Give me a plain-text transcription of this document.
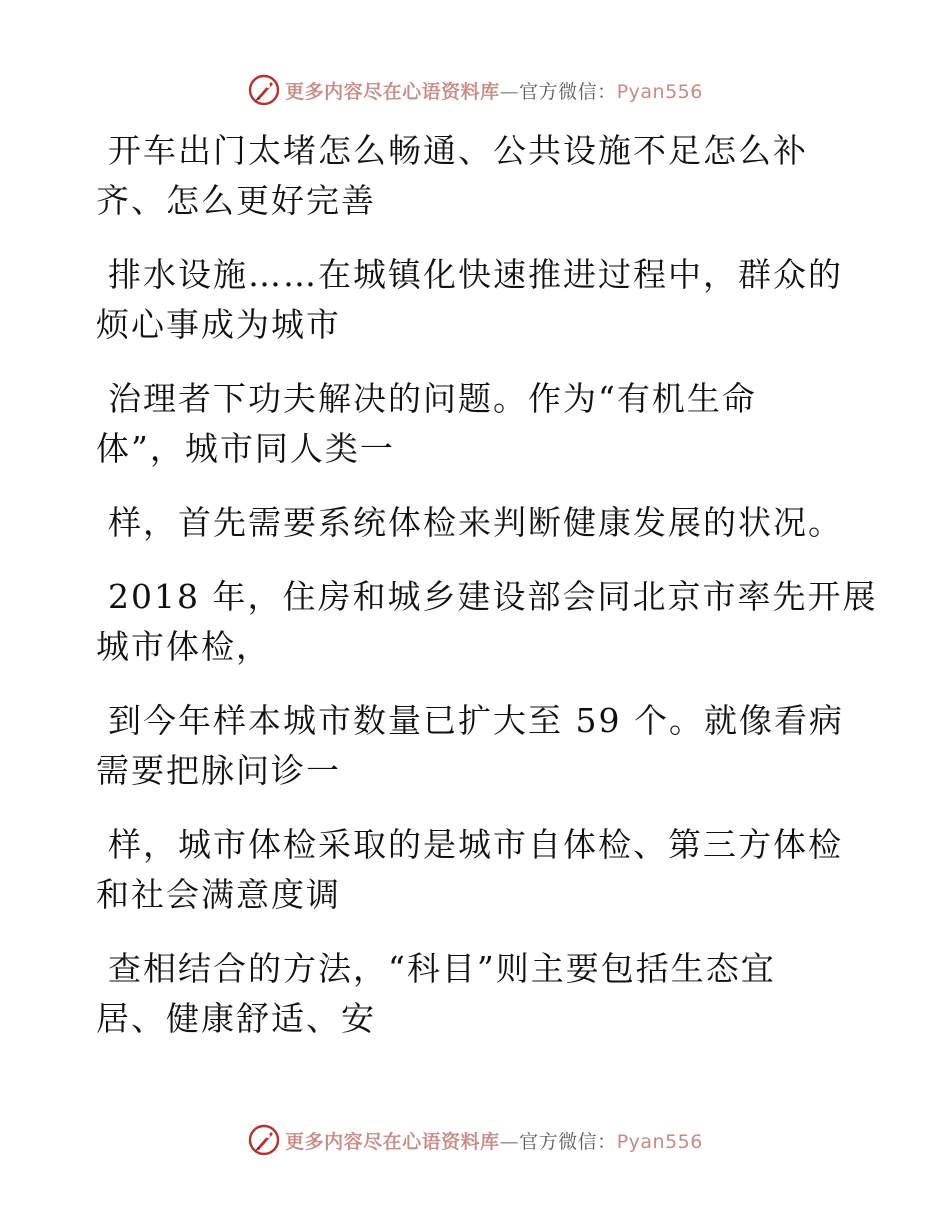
更多内容尽在心语资料库—官方微信：Pyan556

开车出门太堵怎么畅通、公共设施不足怎么补
齐、怎么更好完善

排水设施……在城镇化快速推进过程中，群众的
烦心事成为城市

治理者下功夫解决的问题。作为“有机生命
体”，城市同人类一

样，首先需要系统体检来判断健康发展的状况。

2018 年，住房和城乡建设部会同北京市率先开展
城市体检，

到今年样本城市数量已扩大至 59 个。就像看病
需要把脉问诊一

样，城市体检采取的是城市自体检、第三方体检
和社会满意度调

查相结合的方法，“科目”则主要包括生态宜
居、健康舒适、安

更多内容尽在心语资料库—官方微信：Pyan556
